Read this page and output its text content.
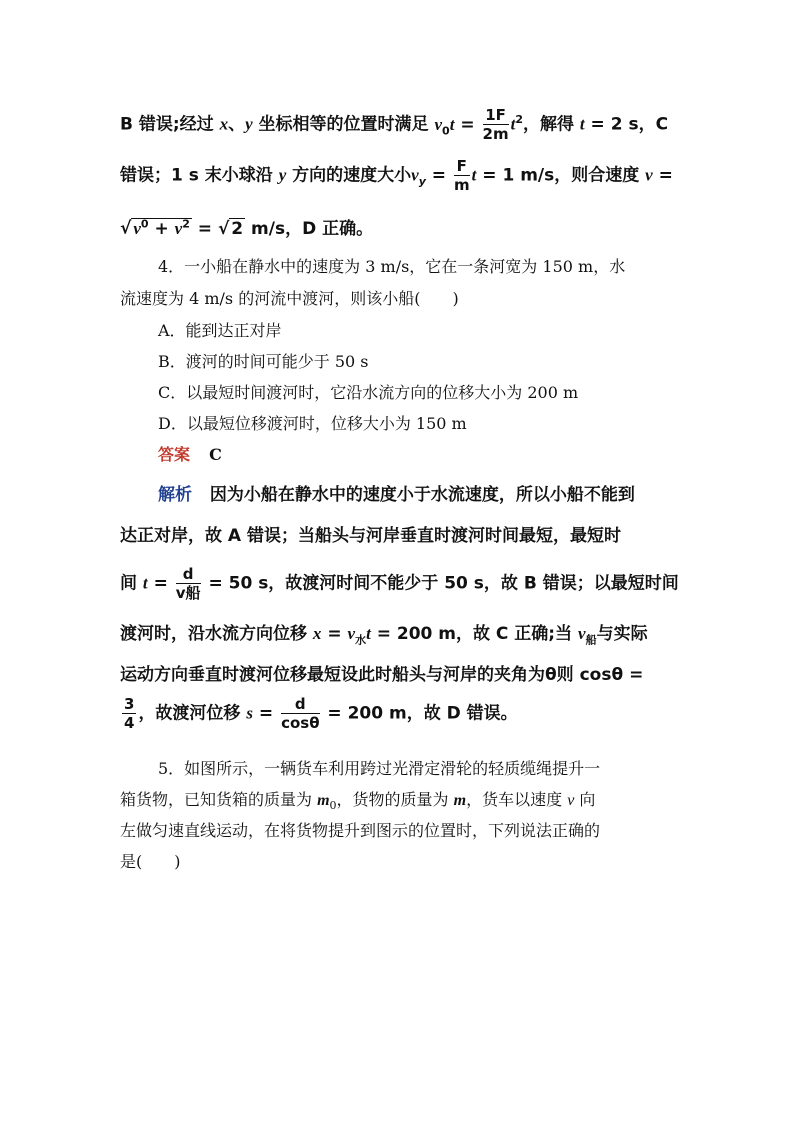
B 错误;经过 x、y 坐标相等的位置时满足 $v_0t = \frac{1F}{2m} t^2$，解得 t = 2 s，C
错误；1 s 末小球沿 y 方向的速度大小$v_y = \frac{F}{m}$ t = 1 m/s，则合速度 v =
√ $v^0 + v^2$ = √ 2 m/s，D 正确。
4．一小船在静水中的速度为 3 m/s，它在一条河宽为 150 m，水
流速度为 4 m/s 的河流中渡河，则该小船(　　)
A．能到达正对岸
B．渡河的时间可能少于 50 s
C．以最短时间渡河时，它沿水流方向的位移大小为 200 m
D．以最短位移渡河时，位移大小为 150 m
答案 C
解析 因为小船在静水中的速度小于水流速度，所以小船不能到
达正对岸，故 A 错误；当船头与河岸垂直时渡河时间最短，最短时
间 $t = \frac{d}{\text{v船}} = 50$ s，故渡河时间不能少于 50 s，故 B 错误；以最短时间
渡河时，沿水流方向位移 $x = v_水t = 200$ m，故 C 正确;当 $v_船$与实际
运动方向垂直时渡河位移最短设此时船头与河岸的夹角为θ则 cosθ =
$\frac{3}{4}$ ，故渡河位移 $s = \frac{d}{\cos\theta} = 200$ m，故 D 错误。
5．如图所示，一辆货车利用跨过光滑定滑轮的轻质缆绳提升一
箱货物，已知货箱的质量为 $m_0$，货物的质量为 m，货车以速度 v 向
左做匀速直线运动，在将货物提升到图示的位置时，下列说法正确的
是(　　)
